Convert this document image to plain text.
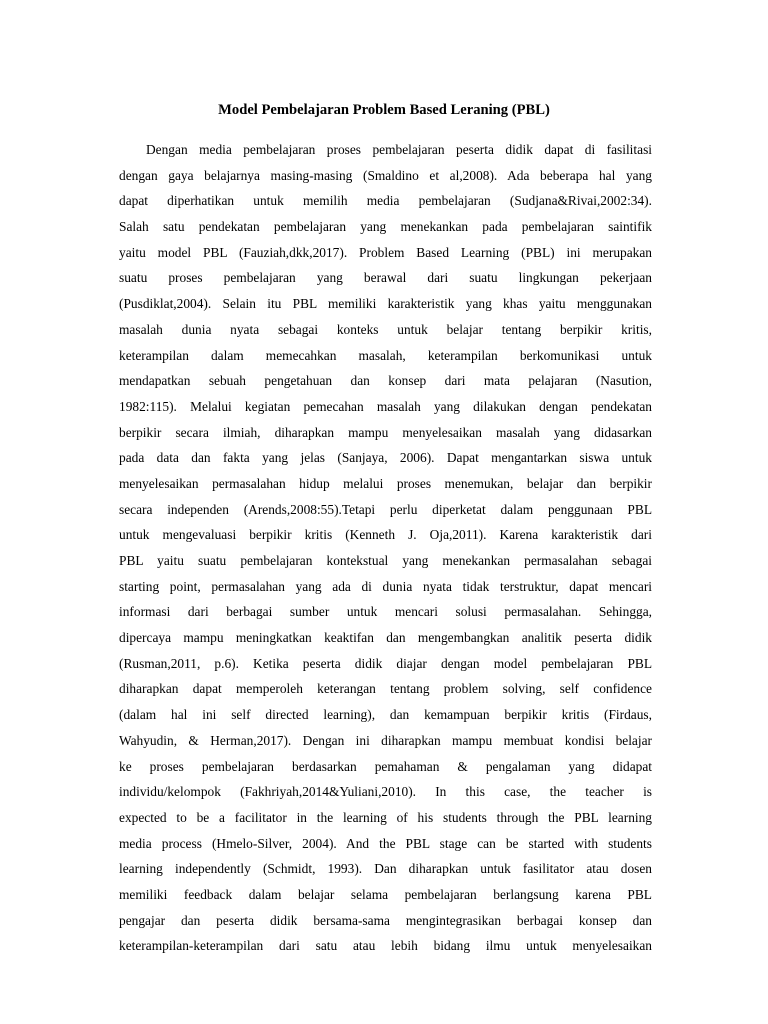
Model Pembelajaran Problem Based Leraning (PBL)
Dengan media pembelajaran proses pembelajaran peserta didik dapat di fasilitasi
dengan gaya belajarnya masing-masing (Smaldino et al,2008). Ada beberapa hal yang
dapat diperhatikan untuk memilih media pembelajaran (Sudjana&Rivai,2002:34).
Salah satu pendekatan pembelajaran yang menekankan pada pembelajaran saintifik
yaitu model PBL (Fauziah,dkk,2017). Problem Based Learning (PBL) ini merupakan
suatu proses pembelajaran yang berawal dari suatu lingkungan pekerjaan
(Pusdiklat,2004). Selain itu PBL memiliki karakteristik yang khas yaitu menggunakan
masalah dunia nyata sebagai konteks untuk belajar tentang berpikir kritis,
keterampilan dalam memecahkan masalah, keterampilan berkomunikasi untuk
mendapatkan sebuah pengetahuan dan konsep dari mata pelajaran (Nasution,
1982:115). Melalui kegiatan pemecahan masalah yang dilakukan dengan pendekatan
berpikir secara ilmiah, diharapkan mampu menyelesaikan masalah yang didasarkan
pada data dan fakta yang jelas (Sanjaya, 2006). Dapat mengantarkan siswa untuk
menyelesaikan permasalahan hidup melalui proses menemukan, belajar dan berpikir
secara independen (Arends,2008:55).Tetapi perlu diperketat dalam penggunaan PBL
untuk mengevaluasi berpikir kritis (Kenneth J. Oja,2011). Karena karakteristik dari
PBL yaitu suatu pembelajaran kontekstual yang menekankan permasalahan sebagai
starting point, permasalahan yang ada di dunia nyata tidak terstruktur, dapat mencari
informasi dari berbagai sumber untuk mencari solusi permasalahan. Sehingga,
dipercaya mampu meningkatkan keaktifan dan mengembangkan analitik peserta didik
(Rusman,2011, p.6). Ketika peserta didik diajar dengan model pembelajaran PBL
diharapkan dapat memperoleh keterangan tentang problem solving, self confidence
(dalam hal ini self directed learning), dan kemampuan berpikir kritis (Firdaus,
Wahyudin, & Herman,2017). Dengan ini diharapkan mampu membuat kondisi belajar
ke proses pembelajaran berdasarkan pemahaman & pengalaman yang didapat
individu/kelompok (Fakhriyah,2014&Yuliani,2010). In this case, the teacher is
expected to be a facilitator in the learning of his students through the PBL learning
media process (Hmelo-Silver, 2004). And the PBL stage can be started with students
learning independently (Schmidt, 1993). Dan diharapkan untuk fasilitator atau dosen
memiliki feedback dalam belajar selama pembelajaran berlangsung karena PBL
pengajar dan peserta didik bersama-sama mengintegrasikan berbagai konsep dan
keterampilan-keterampilan dari satu atau lebih bidang ilmu untuk menyelesaikan
